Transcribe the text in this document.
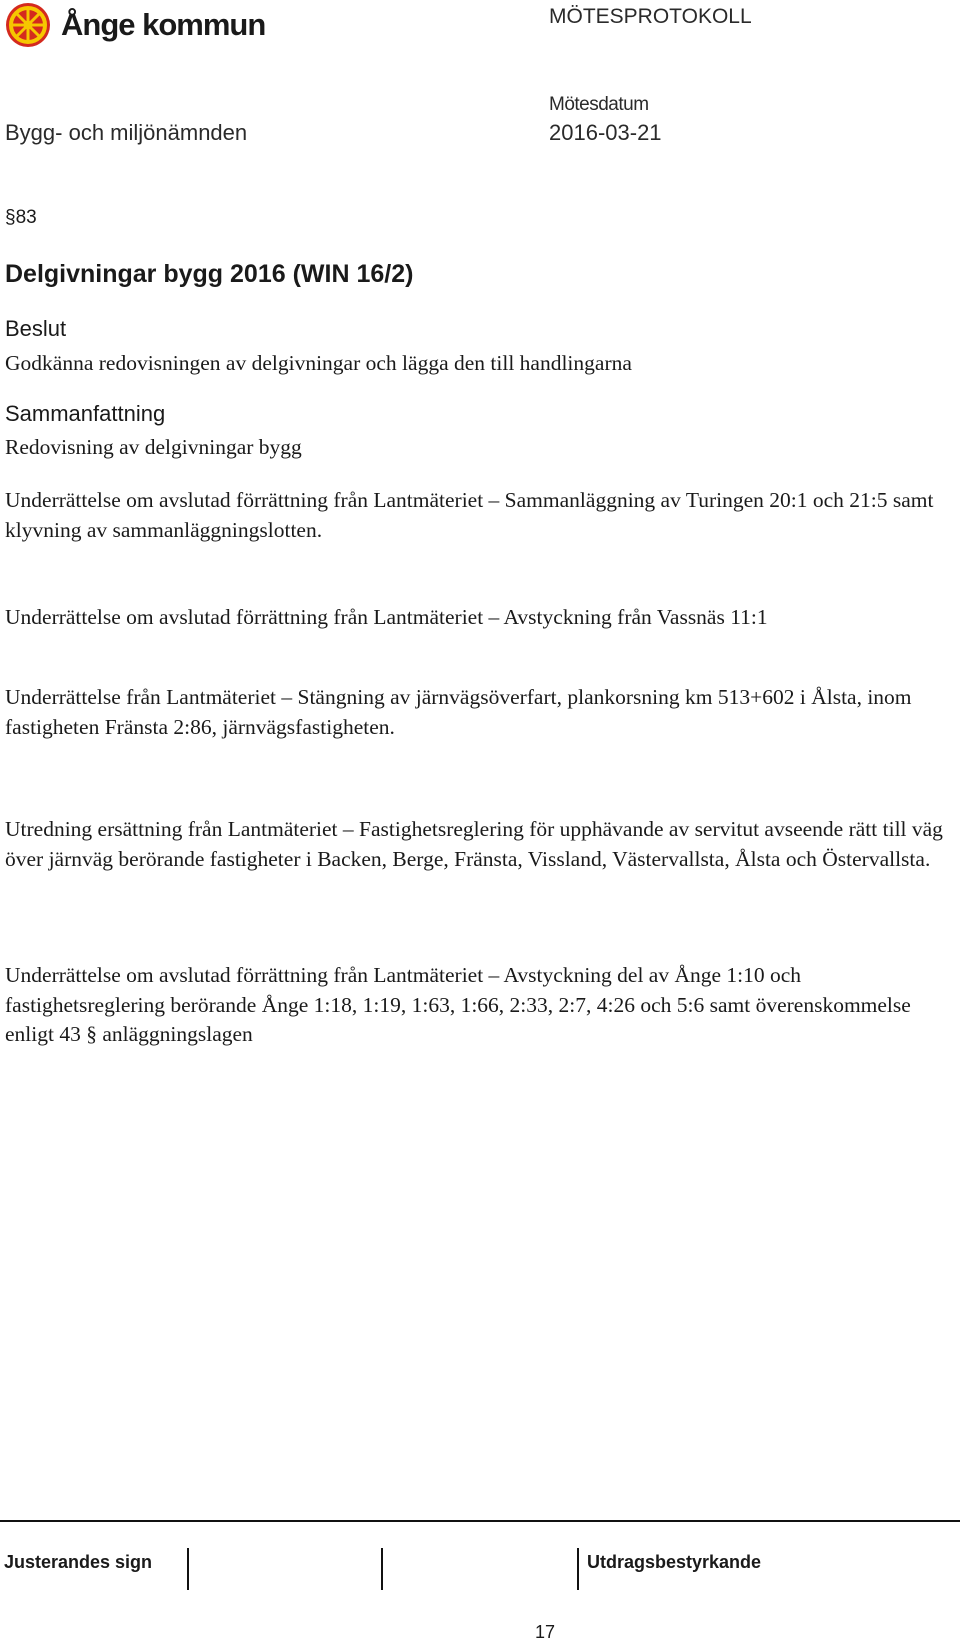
Ånge kommun	MÖTESPROTOKOLL
Mötesdatum
Bygg- och miljönämnden	2016-03-21
§83
Delgivningar bygg 2016 (WIN 16/2)
Beslut
Godkänna redovisningen av delgivningar och lägga den till handlingarna
Sammanfattning
Redovisning av delgivningar bygg
Underrättelse om avslutad förrättning från Lantmäteriet – Sammanläggning av Turingen 20:1 och 21:5 samt klyvning av sammanläggningslotten.
Underrättelse om avslutad förrättning från Lantmäteriet – Avstyckning från Vassnäs 11:1
Underrättelse från Lantmäteriet – Stängning av järnvägsöverfart, plankorsning km 513+602 i Ålsta, inom fastigheten Fränsta 2:86, järnvägsfastigheten.
Utredning ersättning från Lantmäteriet – Fastighetsreglering för upphävande av servitut avseende rätt till väg över järnväg berörande fastigheter i Backen, Berge, Fränsta, Vissland, Västervallsta, Ålsta och Östervallsta.
Underrättelse om avslutad förrättning från Lantmäteriet – Avstyckning del av Ånge 1:10 och fastighetsreglering berörande Ånge 1:18, 1:19, 1:63, 1:66, 2:33, 2:7, 4:26 och 5:6 samt överenskommelse enligt 43 § anläggningslagen
Justerandes sign	Utdragsbestyrkande
17
